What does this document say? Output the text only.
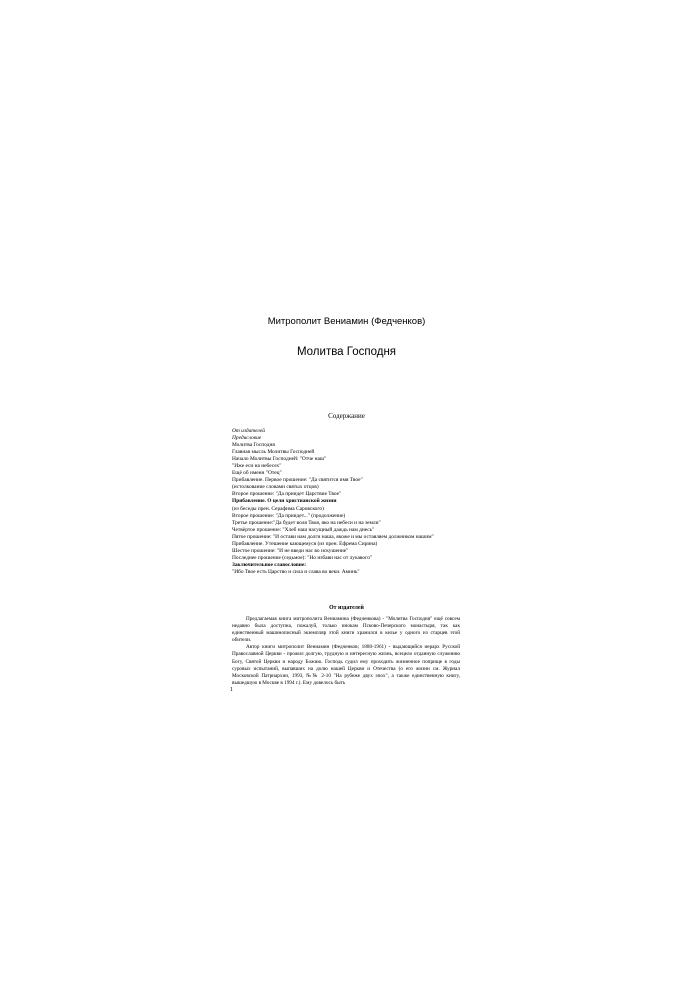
Митрополит Вениамин (Федченков)
Молитва Господня
Содержание
От издателей
Предисловие
Молитва Господня
Главная мысль Молитвы Господней
Начало Молитвы Господней: "Отче наш"
"Иже еси на небесех"
Ещё об имени "Отец"
Прибавление. Первое прошение: "Да святится имя Твое"
(истолкование словами святых отцов)
Второе прошение: "Да приидет Царствие Твое"
Прибавление. О цели христианской жизни
(из беседы прен. Серафима Саровского)
Второе прошение: "Да приидет..." (продолжение)
Третье прошение:"Да будет воля Твоя, яко на небеси и на земли"
Четвёртое прошение: "Хлеб наш насущный даждь нам днесь"
Пятое прошение: "И остави нам долги наша, якоже и мы оставляем должником нашим"
Прибавление. Утешение кающемуся (из прен. Ефрема Сирина)
Шестое прошение: "И не введи нас во искушение"
Последнее прошение (седьмое): "Но избави нас от лукавого"
Заключительное славословие:
"Ибо Твое есть Царство и сила и слава во веки. Аминь"
От издателей

Предлагаемая книга митрополита Вениамина (Федченкова) - "Молитва Господня" ещё совсем недавно была доступна, пожалуй, только инокам Псково-Печерского монастыря, так как единственный машинописный экземпляр этой книги хранился в келье у одного из старцев этой обители.

Автор книги митрополит Вениамин (Федченков; 1880-1961) - выдающийся иерарх Русской Православной Церкви - прожил долгую, трудную и интересную жизнь, всецело отданную служению Богу, Святой Церкви и народу Божию. Господь судил ему проходить жизненное поприще в годы суровых испытаний, выпавших на долю нашей Церкви и Отечества (о его жизни см. Журнал Московской Патриархии, 1993, №№ 2-10 "На рубеже двух эпох", а также единственную книгу, вышедшую в Москве в 1994 г.). Ему довелось быть

1
